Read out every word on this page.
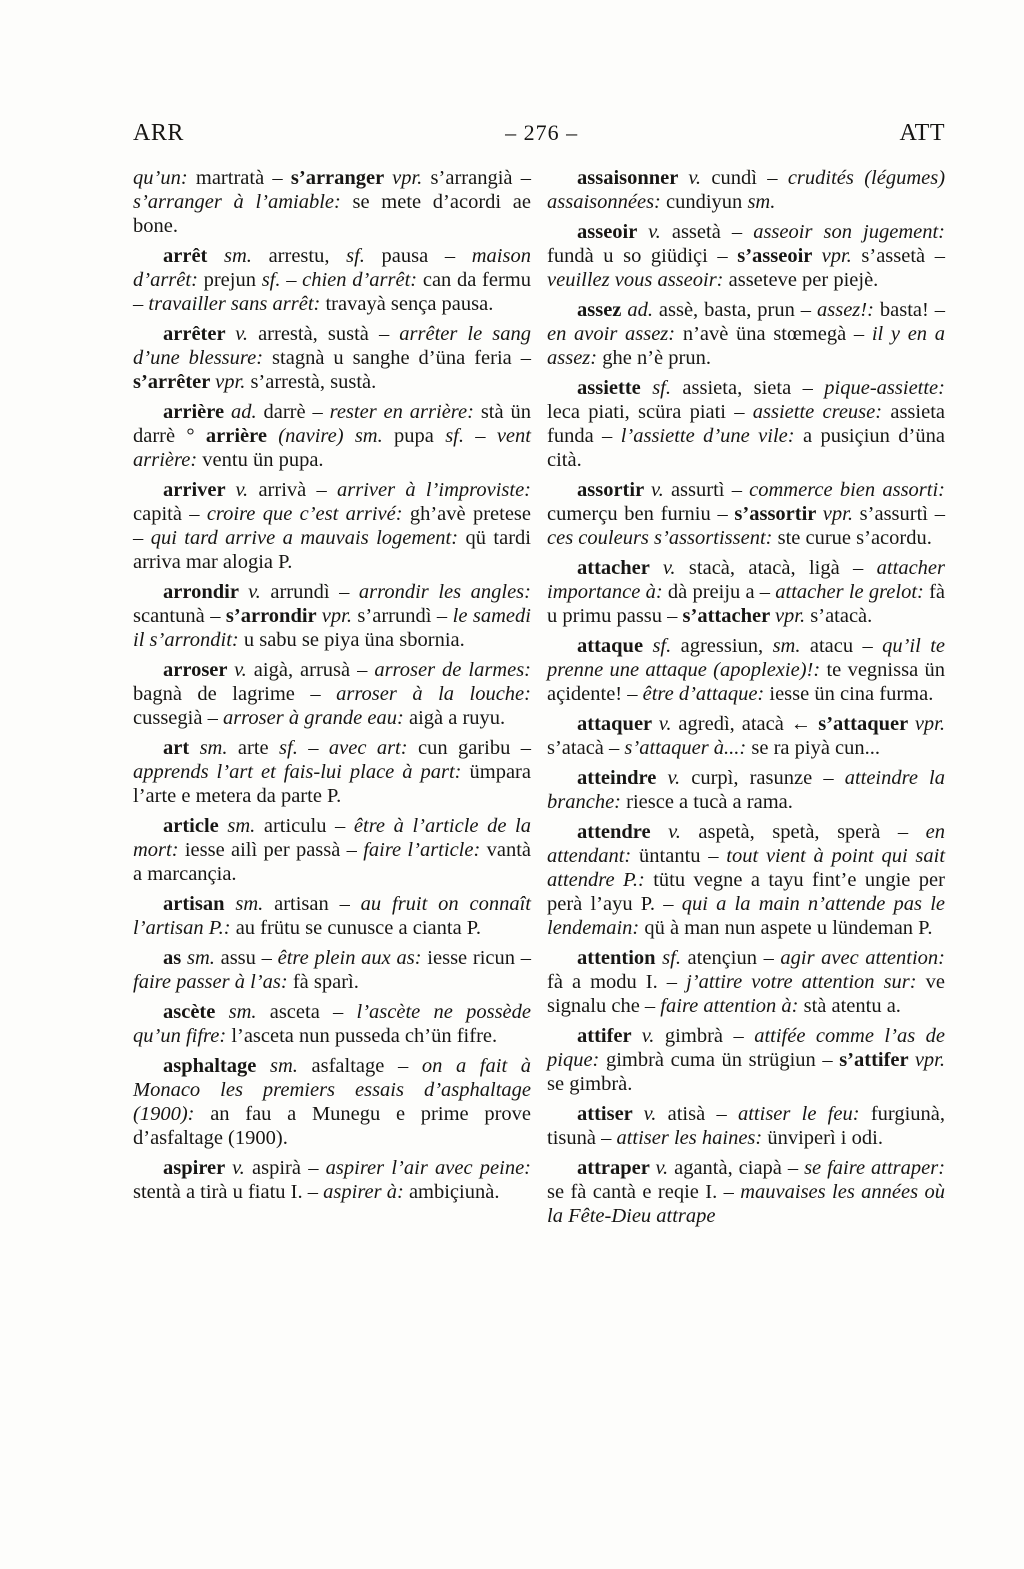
ARR	– 276 –	ATT

qu’un: martratà – s’arranger vpr. s’arrangià – s’arranger à l’amiable: se mete d’acordi ae bone.

arrêt sm. arrestu, sf. pausa – maison d’arrêt: prejun sf. – chien d’arrêt: can da fermu – travailler sans arrêt: travayà sença pausa.

arrêter v. arrestà, sustà – arrêter le sang d’une blessure: stagnà u sanghe d’üna feria – s’arrêter vpr. s’arrestà, sustà.

arrière ad. darrè – rester en arrière: stà ün darrè ° arrière (navire) sm. pupa sf. – vent arrière: ventu ün pupa.

arriver v. arrivà – arriver à l’improviste: capità – croire que c’est arrivé: gh’avè pretese – qui tard arrive a mauvais logement: qü tardi arriva mar alogia P.

arrondir v. arrundì – arrondir les angles: scantunà – s’arrondir vpr. s’arrundì – le samedi il s’arrondit: u sabu se piya üna sbornia.

arroser v. aigà, arrusà – arroser de larmes: bagnà de lagrime – arroser à la louche: cussegià – arroser à grande eau: aigà a ruyu.

art sm. arte sf. – avec art: cun garibu – apprends l’art et fais-lui place à part: ümpara l’arte e metera da parte P.

article sm. articulu – être à l’article de la mort: iesse ailì per passà – faire l’article: vantà a marcançia.

artisan sm. artisan – au fruit on connaît l’artisan P.: au frütu se cunusce a cianta P.

as sm. assu – être plein aux as: iesse ricun – faire passer à l’as: fà sparì.

ascète sm. asceta – l’ascète ne possède qu’un fifre: l’asceta nun pusseda ch’ün fifre.

asphaltage sm. asfaltage – on a fait à Monaco les premiers essais d’asphaltage (1900): an fau a Munegu e prime prove d’asfaltage (1900).

aspirer v. aspirà – aspirer l’air avec peine: stentà a tirà u fiatu I. – aspirer à: ambiçiunà.

assaisonner v. cundì – crudités (légumes) assaisonnées: cundiyun sm.

asseoir v. assetà – asseoir son jugement: fundà u so giüdiçi – s’asseoir vpr. s’assetà – veuillez vous asseoir: asseteve per piejè.

assez ad. assè, basta, prun – assez!: basta! – en avoir assez: n’avè üna stœmegà – il y en a assez: ghe n’è prun.

assiette sf. assieta, sieta – pique-assiette: leca piati, scüra piati – assiette creuse: assieta funda – l’assiette d’une vile: a pusiçiun d’üna cità.

assortir v. assurtì – commerce bien assorti: cumerçu ben furniu – s’assortir vpr. s’assurtì – ces couleurs s’assortissent: ste curue s’acordu.

attacher v. stacà, atacà, ligà – attacher importance à: dà preiju a – attacher le grelot: fà u primu passu – s’attacher vpr. s’atacà.

attaque sf. agressiun, sm. atacu – qu’il te prenne une attaque (apoplexie)!: te vegnissa ün açidente! – être d’attaque: iesse ün cina furma.

attaquer v. agredì, atacà ← s’attaquer vpr. s’atacà – s’attaquer à...: se ra piyà cun...

atteindre v. curpì, rasunze – atteindre la branche: riesce a tucà a rama.

attendre v. aspetà, spetà, sperà – en attendant: üntantu – tout vient à point qui sait attendre P.: tütu vegne a tayu fint’e ungie per perà l’ayu P. – qui a la main n’attende pas le lendemain: qü à man nun aspete u lündeman P.

attention sf. atençiun – agir avec attention: fà a modu I. – j’attire votre attention sur: ve signalu che – faire attention à: stà atentu a.

attifer v. gimbrà – attifée comme l’as de pique: gimbrà cuma ün strügiun – s’attifer vpr. se gimbrà.

attiser v. atisà – attiser le feu: furgiunà, tisunà – attiser les haines: ünviperì i odi.

attraper v. agantà, ciapà – se faire attraper: se fà cantà e reqie I. – mauvaises les années où la Fête-Dieu attrape
